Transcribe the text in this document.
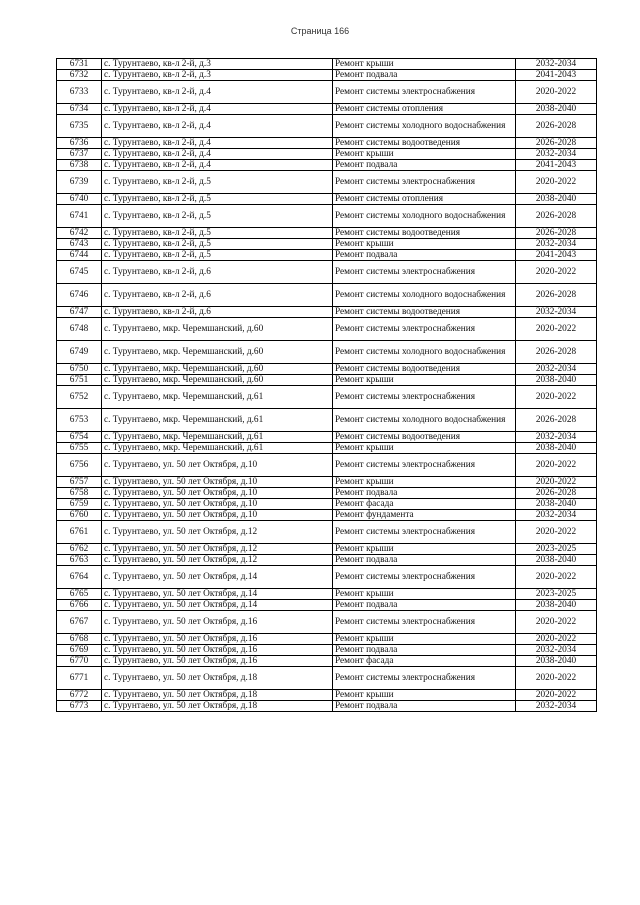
Страница 166
6731	с. Турунтаево, кв-л 2-й, д.3	Ремонт крыши	2032-2034
6732	с. Турунтаево, кв-л 2-й, д.3	Ремонт подвала	2041-2043
6733	с. Турунтаево, кв-л 2-й, д.4	Ремонт системы электроснабжения	2020-2022
6734	с. Турунтаево, кв-л 2-й, д.4	Ремонт системы отопления	2038-2040
6735	с. Турунтаево, кв-л 2-й, д.4	Ремонт системы холодного водоснабжения	2026-2028
6736	с. Турунтаево, кв-л 2-й, д.4	Ремонт системы водоотведения	2026-2028
6737	с. Турунтаево, кв-л 2-й, д.4	Ремонт крыши	2032-2034
6738	с. Турунтаево, кв-л 2-й, д.4	Ремонт подвала	2041-2043
6739	с. Турунтаево, кв-л 2-й, д.5	Ремонт системы электроснабжения	2020-2022
6740	с. Турунтаево, кв-л 2-й, д.5	Ремонт системы отопления	2038-2040
6741	с. Турунтаево, кв-л 2-й, д.5	Ремонт системы холодного водоснабжения	2026-2028
6742	с. Турунтаево, кв-л 2-й, д.5	Ремонт системы водоотведения	2026-2028
6743	с. Турунтаево, кв-л 2-й, д.5	Ремонт крыши	2032-2034
6744	с. Турунтаево, кв-л 2-й, д.5	Ремонт подвала	2041-2043
6745	с. Турунтаево, кв-л 2-й, д.6	Ремонт системы электроснабжения	2020-2022
6746	с. Турунтаево, кв-л 2-й, д.6	Ремонт системы холодного водоснабжения	2026-2028
6747	с. Турунтаево, кв-л 2-й, д.6	Ремонт системы водоотведения	2032-2034
6748	с. Турунтаево, мкр. Черемшанский, д.60	Ремонт системы электроснабжения	2020-2022
6749	с. Турунтаево, мкр. Черемшанский, д.60	Ремонт системы холодного водоснабжения	2026-2028
6750	с. Турунтаево, мкр. Черемшанский, д.60	Ремонт системы водоотведения	2032-2034
6751	с. Турунтаево, мкр. Черемшанский, д.60	Ремонт крыши	2038-2040
6752	с. Турунтаево, мкр. Черемшанский, д.61	Ремонт системы электроснабжения	2020-2022
6753	с. Турунтаево, мкр. Черемшанский, д.61	Ремонт системы холодного водоснабжения	2026-2028
6754	с. Турунтаево, мкр. Черемшанский, д.61	Ремонт системы водоотведения	2032-2034
6755	с. Турунтаево, мкр. Черемшанский, д.61	Ремонт крыши	2038-2040
6756	с. Турунтаево, ул. 50 лет Октября, д.10	Ремонт системы электроснабжения	2020-2022
6757	с. Турунтаево, ул. 50 лет Октября, д.10	Ремонт крыши	2020-2022
6758	с. Турунтаево, ул. 50 лет Октября, д.10	Ремонт подвала	2026-2028
6759	с. Турунтаево, ул. 50 лет Октября, д.10	Ремонт фасада	2038-2040
6760	с. Турунтаево, ул. 50 лет Октября, д.10	Ремонт фундамента	2032-2034
6761	с. Турунтаево, ул. 50 лет Октября, д.12	Ремонт системы электроснабжения	2020-2022
6762	с. Турунтаево, ул. 50 лет Октября, д.12	Ремонт крыши	2023-2025
6763	с. Турунтаево, ул. 50 лет Октября, д.12	Ремонт подвала	2038-2040
6764	с. Турунтаево, ул. 50 лет Октября, д.14	Ремонт системы электроснабжения	2020-2022
6765	с. Турунтаево, ул. 50 лет Октября, д.14	Ремонт крыши	2023-2025
6766	с. Турунтаево, ул. 50 лет Октября, д.14	Ремонт подвала	2038-2040
6767	с. Турунтаево, ул. 50 лет Октября, д.16	Ремонт системы электроснабжения	2020-2022
6768	с. Турунтаево, ул. 50 лет Октября, д.16	Ремонт крыши	2020-2022
6769	с. Турунтаево, ул. 50 лет Октября, д.16	Ремонт подвала	2032-2034
6770	с. Турунтаево, ул. 50 лет Октября, д.16	Ремонт фасада	2038-2040
6771	с. Турунтаево, ул. 50 лет Октября, д.18	Ремонт системы электроснабжения	2020-2022
6772	с. Турунтаево, ул. 50 лет Октября, д.18	Ремонт крыши	2020-2022
6773	с. Турунтаево, ул. 50 лет Октября, д.18	Ремонт подвала	2032-2034
